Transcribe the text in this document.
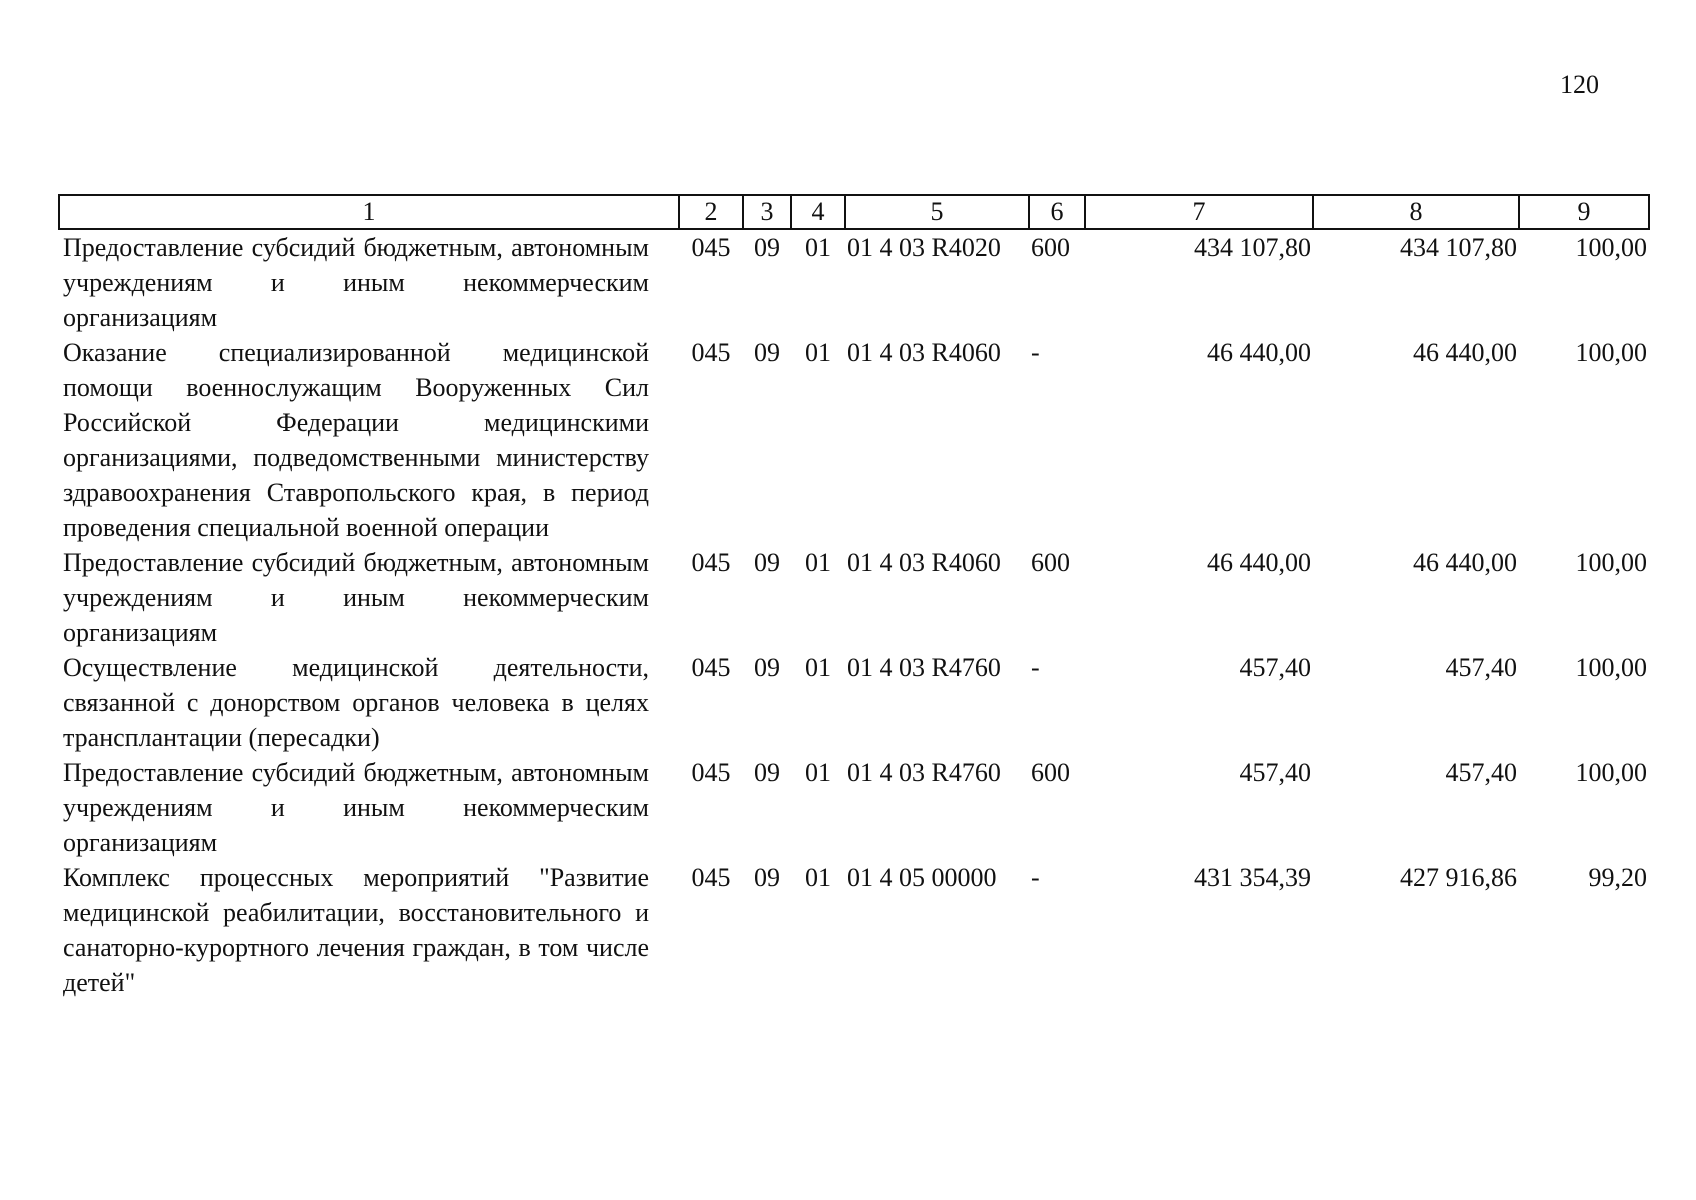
120
1	2	3	4	5	6	7	8	9
Предоставление субсидий бюджетным, автономным учреждениям и иным некоммерческим организациям	045	09	01	01 4 03 R4020	600	434 107,80	434 107,80	100,00
Оказание специализированной медицинской помощи военнослужащим Вооруженных Сил Российской Федерации медицинскими организациями, подведомственными министерству здравоохранения Ставропольского края, в период проведения специальной военной операции	045	09	01	01 4 03 R4060	-	46 440,00	46 440,00	100,00
Предоставление субсидий бюджетным, автономным учреждениям и иным некоммерческим организациям	045	09	01	01 4 03 R4060	600	46 440,00	46 440,00	100,00
Осуществление медицинской деятельности, связанной с донорством органов человека в целях трансплантации (пересадки)	045	09	01	01 4 03 R4760	-	457,40	457,40	100,00
Предоставление субсидий бюджетным, автономным учреждениям и иным некоммерческим организациям	045	09	01	01 4 03 R4760	600	457,40	457,40	100,00
Комплекс процессных мероприятий "Развитие медицинской реабилитации, восстановительного и санаторно-курортного лечения граждан, в том числе детей"	045	09	01	01 4 05 00000	-	431 354,39	427 916,86	99,20
